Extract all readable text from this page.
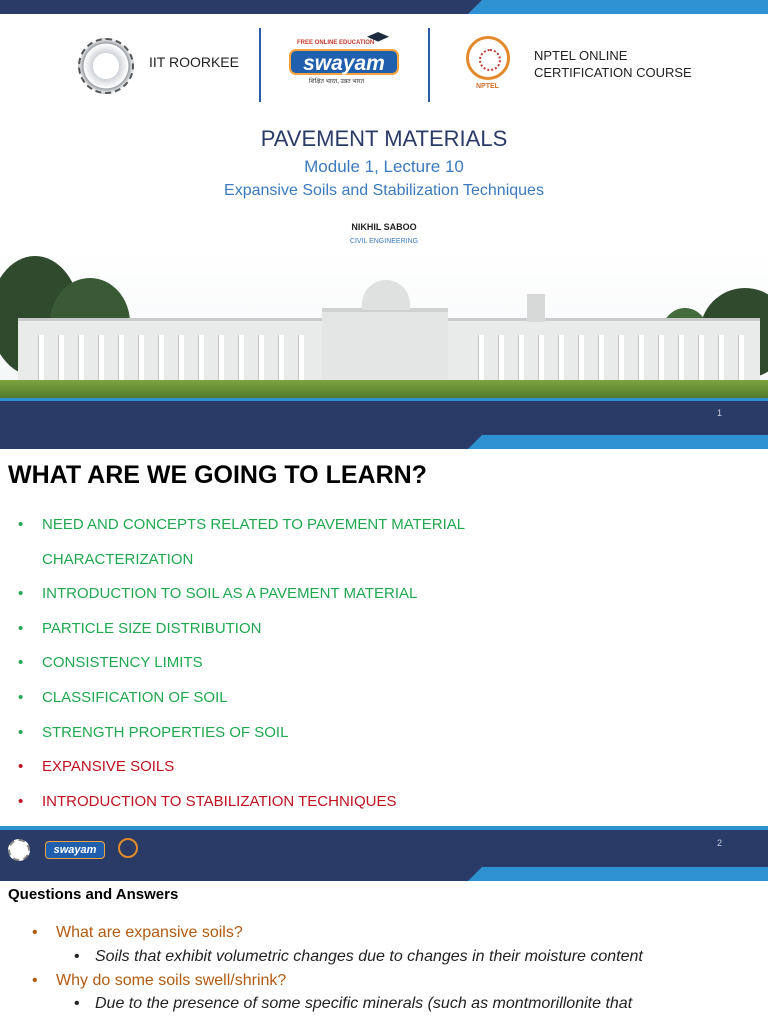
IIT ROORKEE
FREE ONLINE EDUCATION
swayam
शिक्षित भारत, उन्नत भारत
NPTEL
NPTEL ONLINE
CERTIFICATION COURSE
PAVEMENT MATERIALS
Module 1, Lecture 10
Expansive Soils and Stabilization Techniques
NIKHIL SABOO
CIVIL ENGINEERING
1
WHAT ARE WE GOING TO LEARN?
• NEED AND CONCEPTS RELATED TO PAVEMENT MATERIAL
CHARACTERIZATION
• INTRODUCTION TO SOIL AS A PAVEMENT MATERIAL
• PARTICLE SIZE DISTRIBUTION
• CONSISTENCY LIMITS
• CLASSIFICATION OF SOIL
• STRENGTH PROPERTIES OF SOIL
• EXPANSIVE SOILS
• INTRODUCTION TO STABILIZATION TECHNIQUES
swayam
2
Questions and Answers
• What are expansive soils?
• Soils that exhibit volumetric changes due to changes in their moisture content
• Why do some soils swell/shrink?
• Due to the presence of some specific minerals (such as montmorillonite that
